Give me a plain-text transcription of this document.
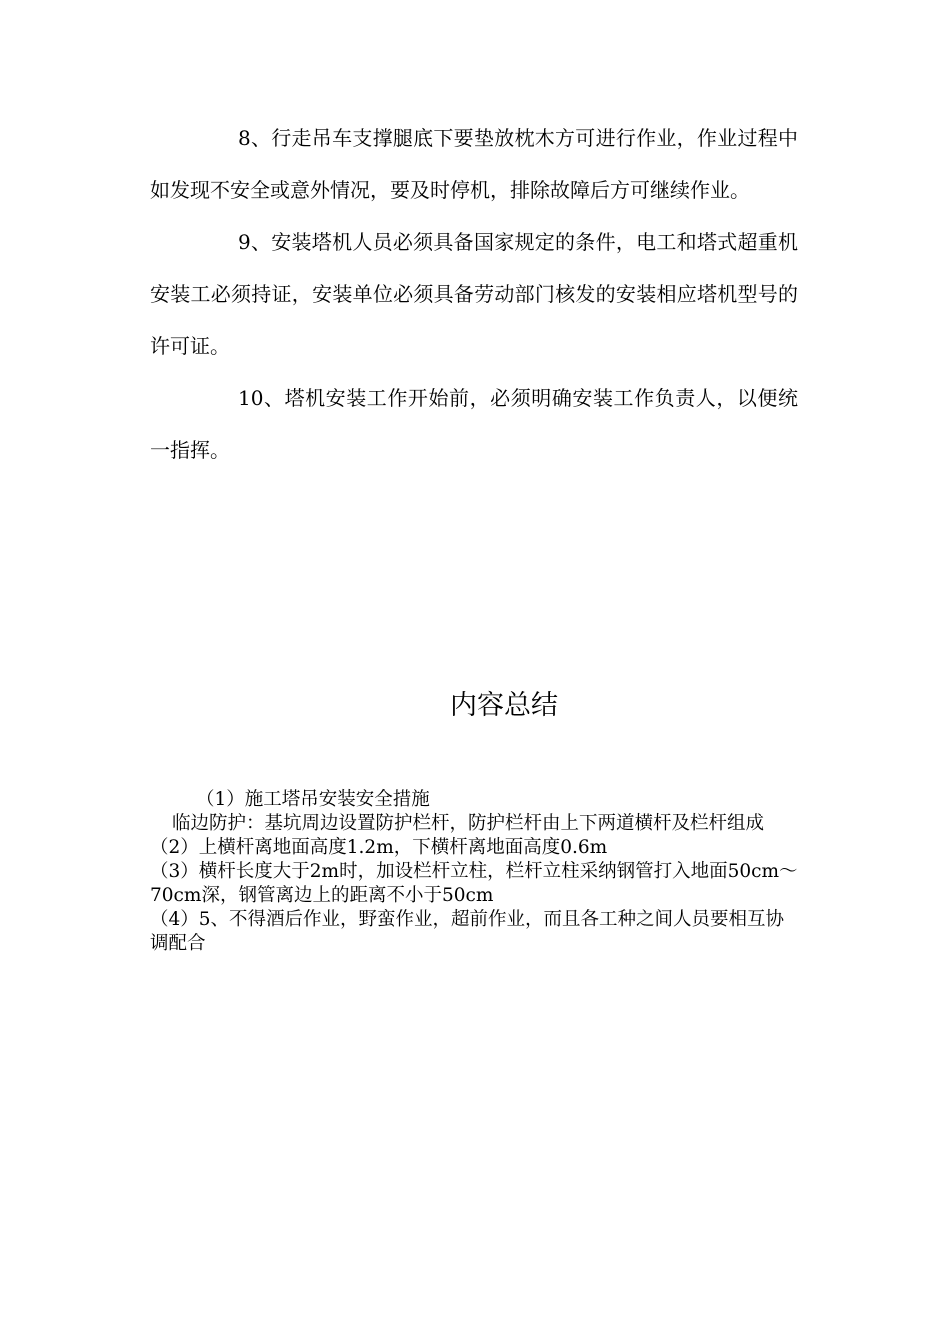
8、行走吊车支撑腿底下要垫放枕木方可进行作业，作业过程中如发现不安全或意外情况，要及时停机，排除故障后方可继续作业。

9、安装塔机人员必须具备国家规定的条件，电工和塔式超重机安装工必须持证，安装单位必须具备劳动部门核发的安装相应塔机型号的许可证。

10、塔机安装工作开始前，必须明确安装工作负责人，以便统一指挥。

内容总结

（1）施工塔吊安装安全措施

临边防护：基坑周边设置防护栏杆，防护栏杆由上下两道横杆及栏杆组成

（2）上横杆离地面高度1.2m，下横杆离地面高度0.6m

（3）横杆长度大于2m时，加设栏杆立柱，栏杆立柱采纳钢管打入地面50cm～70cm深，钢管离边上的距离不小于50cm

（4）5、不得酒后作业，野蛮作业，超前作业，而且各工种之间人员要相互协调配合
